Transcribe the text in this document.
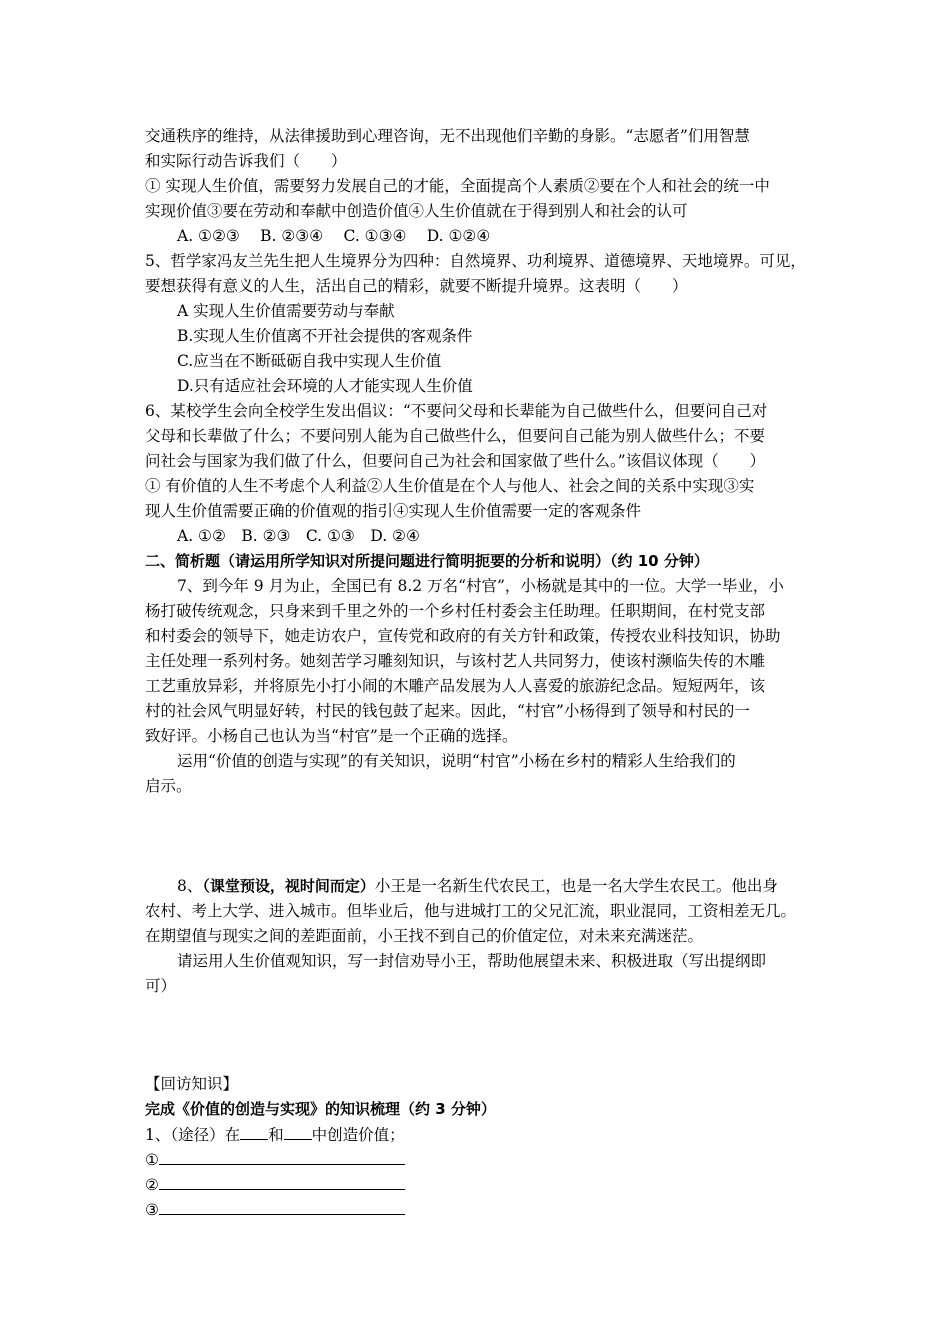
交通秩序的维持，从法律援助到心理咨询，无不出现他们辛勤的身影。“志愿者”们用智慧
和实际行动告诉我们（　　）
① 实现人生价值，需要努力发展自己的才能，全面提高个人素质②要在个人和社会的统一中
实现价值③要在劳动和奉献中创造价值④人生价值就在于得到别人和社会的认可
A. ①②③　 B. ②③④　 C. ①③④　 D. ①②④
5、哲学家冯友兰先生把人生境界分为四种：自然境界、功利境界、道德境界、天地境界。可见，
要想获得有意义的人生，活出自己的精彩，就要不断提升境界。这表明（　　）
A 实现人生价值需要劳动与奉献
B.实现人生价值离不开社会提供的客观条件
C.应当在不断砥砺自我中实现人生价值
D.只有适应社会环境的人才能实现人生价值
6、某校学生会向全校学生发出倡议：“不要问父母和长辈能为自己做些什么，但要问自己对
父母和长辈做了什么；不要问别人能为自己做些什么，但要问自己能为别人做些什么；不要
问社会与国家为我们做了什么，但要问自己为社会和国家做了些什么。”该倡议体现（　　）
① 有价值的人生不考虑个人利益②人生价值是在个人与他人、社会之间的关系中实现③实
现人生价值需要正确的价值观的指引④实现人生价值需要一定的客观条件
A. ①②　B. ②③　C. ①③　D. ②④
二、简析题（请运用所学知识对所提问题进行简明扼要的分析和说明）（约 10 分钟）
7、到今年 9 月为止，全国已有 8.2 万名“村官”，小杨就是其中的一位。大学一毕业，小
杨打破传统观念，只身来到千里之外的一个乡村任村委会主任助理。任职期间，在村党支部
和村委会的领导下，她走访农户，宣传党和政府的有关方针和政策，传授农业科技知识，协助
主任处理一系列村务。她刻苦学习雕刻知识，与该村艺人共同努力，使该村濒临失传的木雕
工艺重放异彩，并将原先小打小闹的木雕产品发展为人人喜爱的旅游纪念品。短短两年，该
村的社会风气明显好转，村民的钱包鼓了起来。因此，“村官”小杨得到了领导和村民的一
致好评。小杨自己也认为当“村官”是一个正确的选择。
运用“价值的创造与实现”的有关知识，说明“村官”小杨在乡村的精彩人生给我们的
启示。
8、（课堂预设，视时间而定）小王是一名新生代农民工，也是一名大学生农民工。他出身
农村、考上大学、进入城市。但毕业后，他与进城打工的父兄汇流，职业混同，工资相差无几。
在期望值与现实之间的差距面前，小王找不到自己的价值定位，对未来充满迷茫。
请运用人生价值观知识，写一封信劝导小王，帮助他展望未来、积极进取（写出提纲即
可）
【回访知识】
完成《价值的创造与实现》的知识梳理（约 3 分钟）
1、（途径）在 和 中创造价值；
①
②
③
